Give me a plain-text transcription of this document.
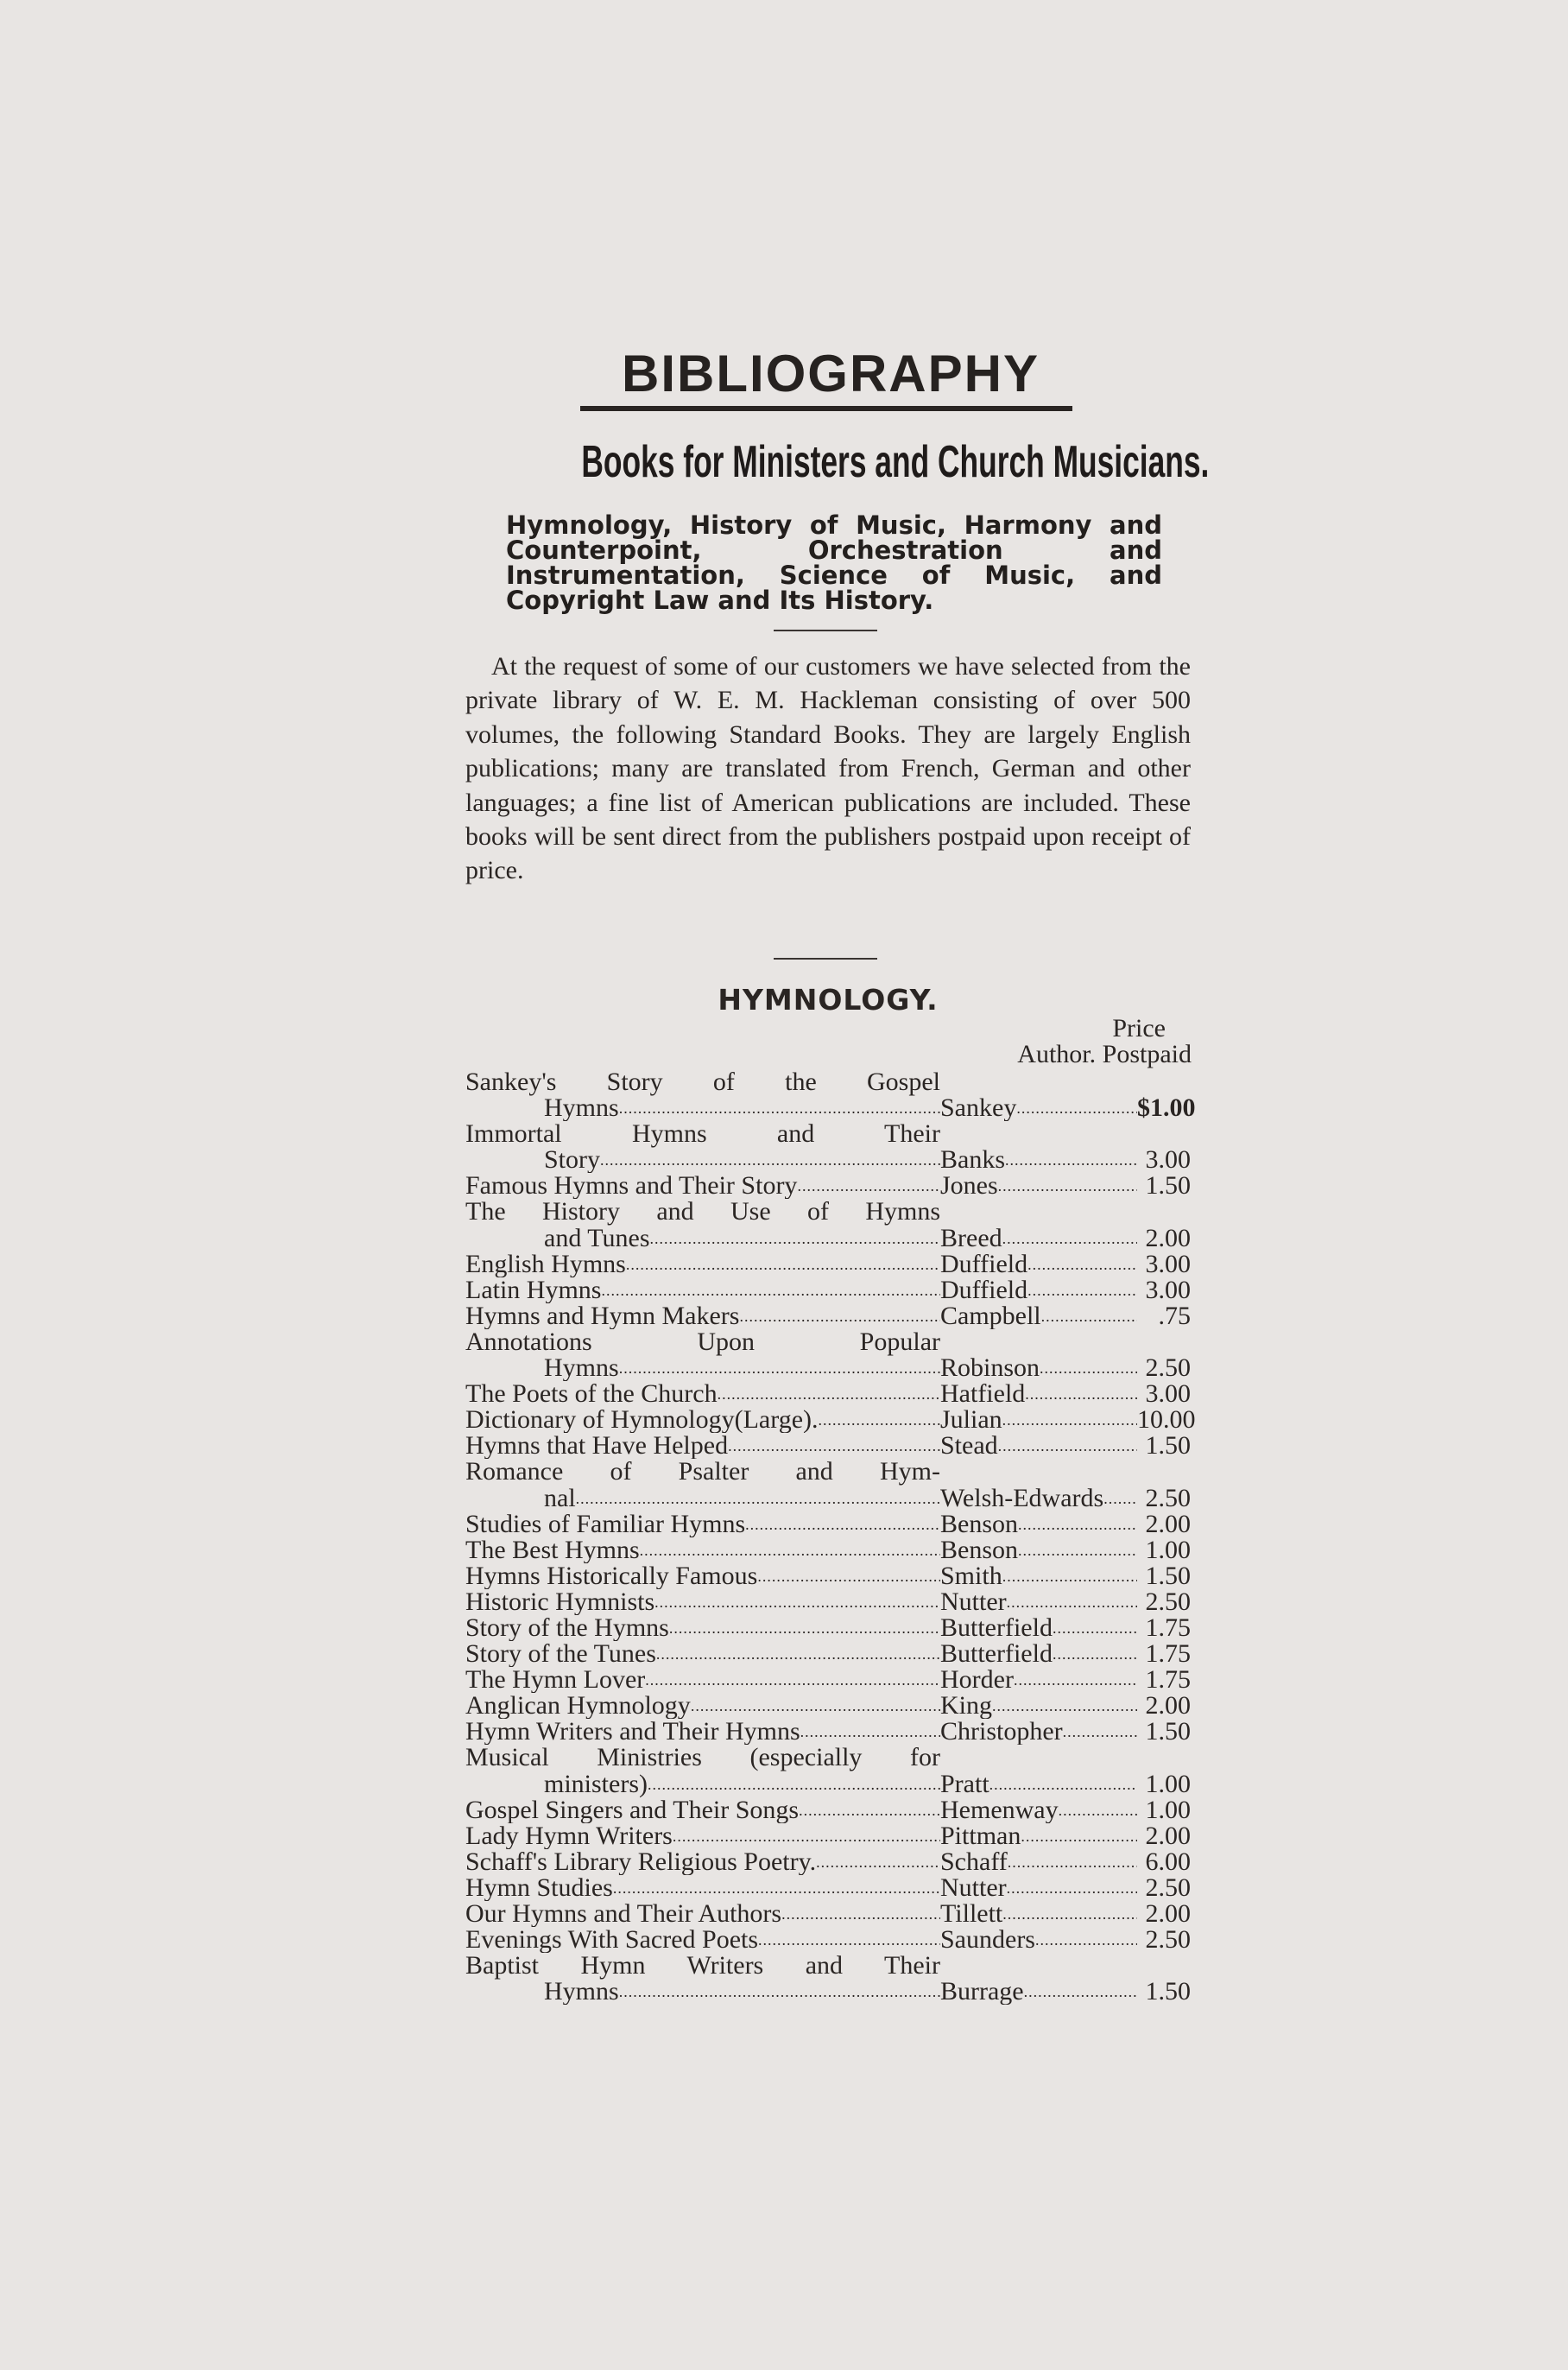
BIBLIOGRAPHY
Books for Ministers and Church Musicians.
Hymnology, History of Music, Harmony and Counterpoint, Orchestration and Instrumentation, Science of Music, and Copyright Law and Its History.
At the request of some of our customers we have selected from the private library of W. E. M. Hackleman consisting of over 500 volumes, the following Standard Books. They are largely English publications; many are translated from French, German and other languages; a fine list of American publications are included. These books will be sent direct from the publishers postpaid upon receipt of price.
HYMNOLOGY.
Price
Author. Postpaid
Sankey's Story of the Gospel
Hymns .....	Sankey .....	$1.00
Immortal Hymns and Their
Story .....	Banks .....	3.00
Famous Hymns and Their Story .....	Jones .....	1.50
The History and Use of Hymns
and Tunes .....	Breed .....	2.00
English Hymns .....	Duffield .....	3.00
Latin Hymns .....	Duffield .....	3.00
Hymns and Hymn Makers .....	Campbell .....	.75
Annotations Upon Popular
Hymns .....	Robinson .....	2.50
The Poets of the Church .....	Hatfield .....	3.00
Dictionary of Hymnology(Large). .....	Julian .....	10.00
Hymns that Have Helped .....	Stead .....	1.50
Romance of Psalter and Hym-
nal .....	Welsh-Edwards .....	2.50
Studies of Familiar Hymns .....	Benson .....	2.00
The Best Hymns .....	Benson .....	1.00
Hymns Historically Famous .....	Smith .....	1.50
Historic Hymnists .....	Nutter .....	2.50
Story of the Hymns .....	Butterfield .....	1.75
Story of the Tunes .....	Butterfield .....	1.75
The Hymn Lover .....	Horder .....	1.75
Anglican Hymnology .....	King .....	2.00
Hymn Writers and Their Hymns .....	Christopher .....	1.50
Musical Ministries (especially for
ministers) .....	Pratt .....	1.00
Gospel Singers and Their Songs .....	Hemenway .....	1.00
Lady Hymn Writers .....	Pittman .....	2.00
Schaff's Library Religious Poetry. .....	Schaff .....	6.00
Hymn Studies .....	Nutter .....	2.50
Our Hymns and Their Authors .....	Tillett .....	2.00
Evenings With Sacred Poets .....	Saunders .....	2.50
Baptist Hymn Writers and Their
Hymns .....	Burrage .....	1.50
